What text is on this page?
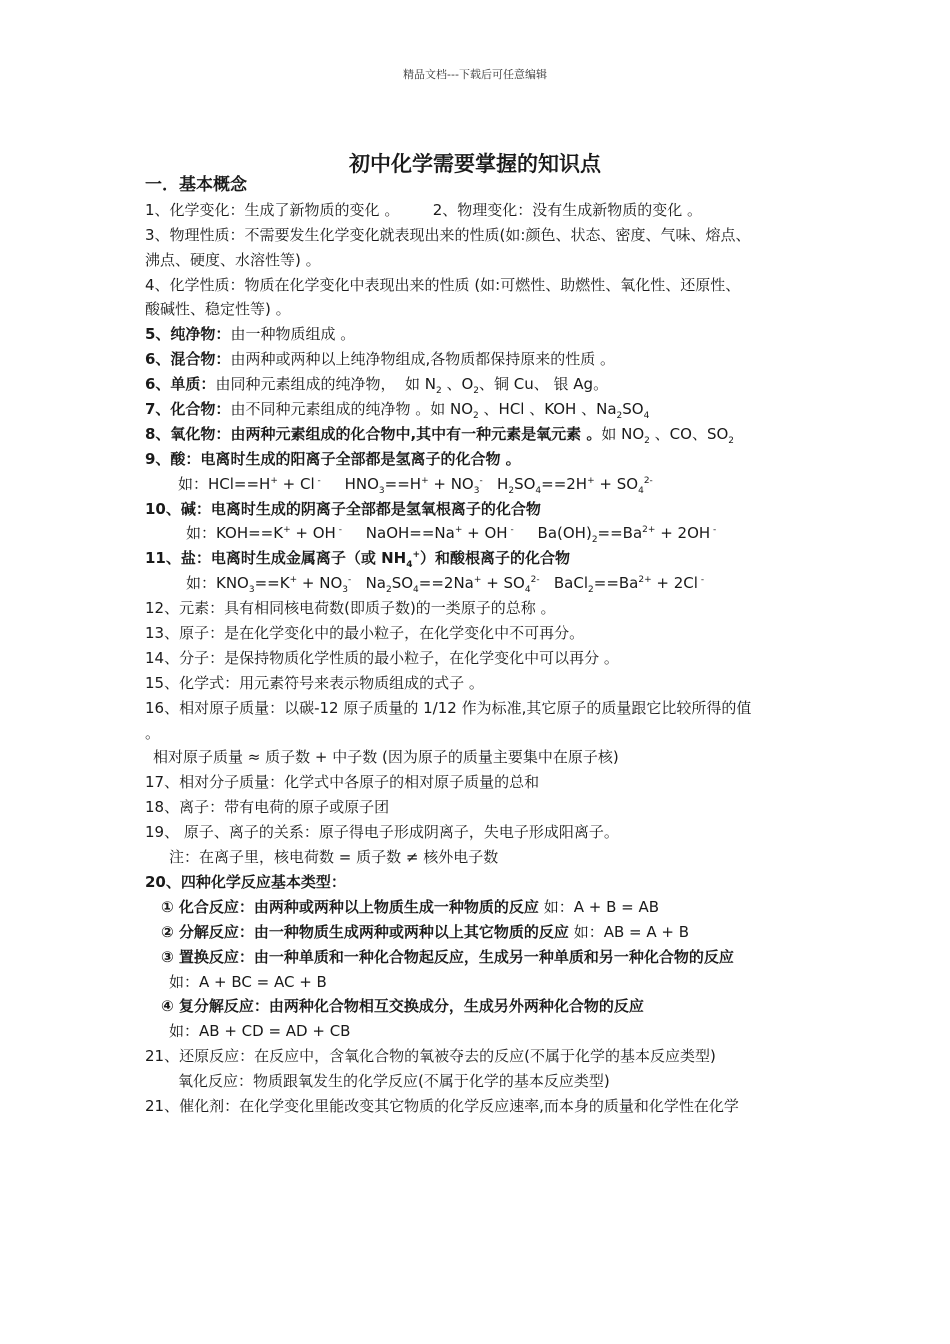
精品文档---下载后可任意编辑
初中化学需要掌握的知识点
一．基本概念
1、化学变化：生成了新物质的变化 。       2、物理变化：没有生成新物质的变化 。
3、物理性质：不需要发生化学变化就表现出来的性质(如:颜色、状态、密度、气味、熔点、
沸点、硬度、水溶性等) 。
4、化学性质：物质在化学变化中表现出来的性质 (如:可燃性、助燃性、氧化性、还原性、
酸碱性、稳定性等) 。
5、纯净物：由一种物质组成 。
6、混合物：由两种或两种以上纯净物组成,各物质都保持原来的性质 。
6、单质：由同种元素组成的纯净物，  如 $N_2$ 、$O_2$、铜 Cu、 银 Ag。
7、化合物：由不同种元素组成的纯净物 。如 $NO_2$ 、HCl 、KOH 、$Na_2SO_4$
8、氧化物：由两种元素组成的化合物中,其中有一种元素是氧元素 。如 $NO_2$ 、CO、$SO_2$
9、酸：电离时生成的阳离子全部都是氢离子的化合物 。
如：HCl==H+ + Cl -     $HNO_3==H^+ + NO_3^-$   $H_2SO_4==2H^+ + SO_4^{2-}$
10、碱：电离时生成的阴离子全部都是氢氧根离子的化合物
如：KOH==K+ + OH -     NaOH==Na+ + OH -     $Ba(OH)_2==Ba^{2+} + 2OH$ -
11、盐：电离时生成金属离子（或 $NH_4^+$）和酸根离子的化合物
如：$KNO_3==K^+ + NO_3^-$   $Na_2SO_4==2Na^+ + SO_4^{2-}$   $BaCl_2==Ba^{2+} + 2Cl$ -
12、元素：具有相同核电荷数(即质子数)的一类原子的总称 。
13、原子：是在化学变化中的最小粒子，在化学变化中不可再分。
14、分子：是保持物质化学性质的最小粒子，在化学变化中可以再分 。
15、化学式：用元素符号来表示物质组成的式子 。
16、相对原子质量：以碳-12 原子质量的 1/12 作为标准,其它原子的质量跟它比较所得的值
。
相对原子质量 ≈ 质子数 + 中子数 (因为原子的质量主要集中在原子核)
17、相对分子质量：化学式中各原子的相对原子质量的总和
18、离子：带有电荷的原子或原子团
19、 原子、离子的关系：原子得电子形成阴离子，失电子形成阳离子。
注：在离子里，核电荷数 = 质子数 ≠ 核外电子数
20、四种化学反应基本类型：
① 化合反应：由两种或两种以上物质生成一种物质的反应 如：A + B = AB
② 分解反应：由一种物质生成两种或两种以上其它物质的反应 如：AB = A + B
③ 置换反应：由一种单质和一种化合物起反应，生成另一种单质和另一种化合物的反应
如：A + BC = AC + B
④ 复分解反应：由两种化合物相互交换成分，生成另外两种化合物的反应
如：AB + CD = AD + CB
21、还原反应：在反应中，含氧化合物的氧被夺去的反应(不属于化学的基本反应类型)
氧化反应：物质跟氧发生的化学反应(不属于化学的基本反应类型)
21、催化剂：在化学变化里能改变其它物质的化学反应速率,而本身的质量和化学性在化学
